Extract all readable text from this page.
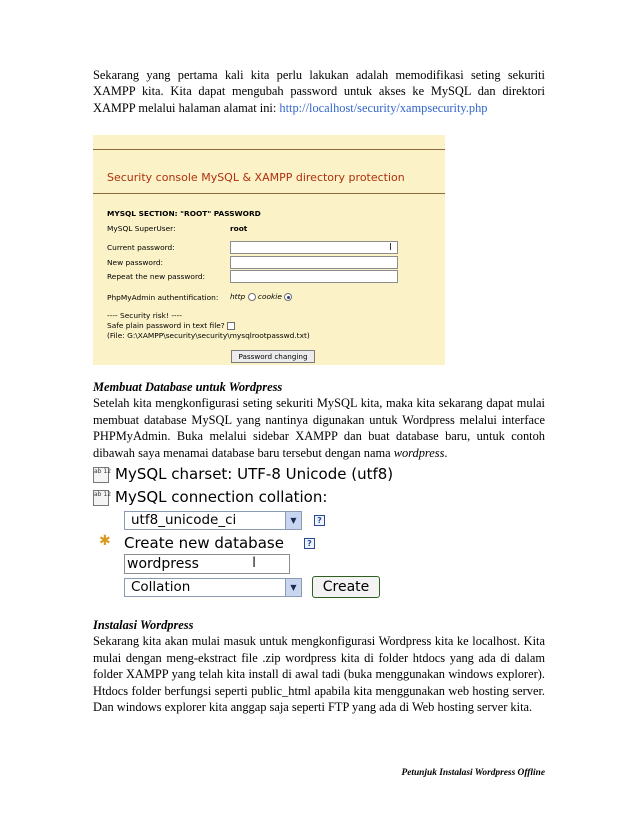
Sekarang yang pertama kali kita perlu lakukan adalah memodifikasi seting sekuriti XAMPP kita. Kita dapat mengubah password untuk akses ke MySQL dan direktori XAMPP melalui halaman alamat ini: http://localhost/security/xampsecurity.php

Security console MySQL & XAMPP directory protection
MYSQL SECTION: "ROOT" PASSWORD
MySQL SuperUser:	root
Current password:	I
New password:
Repeat the new password:
PhpMyAdmin authentification: http cookie
---- Security risk! ----
Safe plain password in text file?
(File: G:\XAMPP\security\security\mysqlrootpasswd.txt)
Password changing

Membuat Database untuk Wordpress
Setelah kita mengkonfigurasi seting sekuriti MySQL kita, maka kita sekarang dapat mulai membuat database MySQL yang nantinya digunakan untuk Wordpress melalui interface PHPMyAdmin. Buka melalui sidebar XAMPP dan buat database baru, untuk contoh dibawah saya menamai database baru tersebut dengan nama wordpress.

ab 12 MySQL charset: UTF-8 Unicode (utf8)
ab 12 MySQL connection collation:
utf8_unicode_ci	▼	?
✱ Create new database	?
wordpress	I
Collation	▼	Create

Instalasi Wordpress
Sekarang kita akan mulai masuk untuk mengkonfigurasi Wordpress kita ke localhost. Kita mulai dengan meng-ekstract file .zip wordpress kita di folder htdocs yang ada di dalam folder XAMPP yang telah kita install di awal tadi (buka menggunakan windows explorer). Htdocs folder berfungsi seperti public_html apabila kita menggunakan web hosting server. Dan windows explorer kita anggap saja seperti FTP yang ada di Web hosting server kita.

Petunjuk Instalasi Wordpress Offline
